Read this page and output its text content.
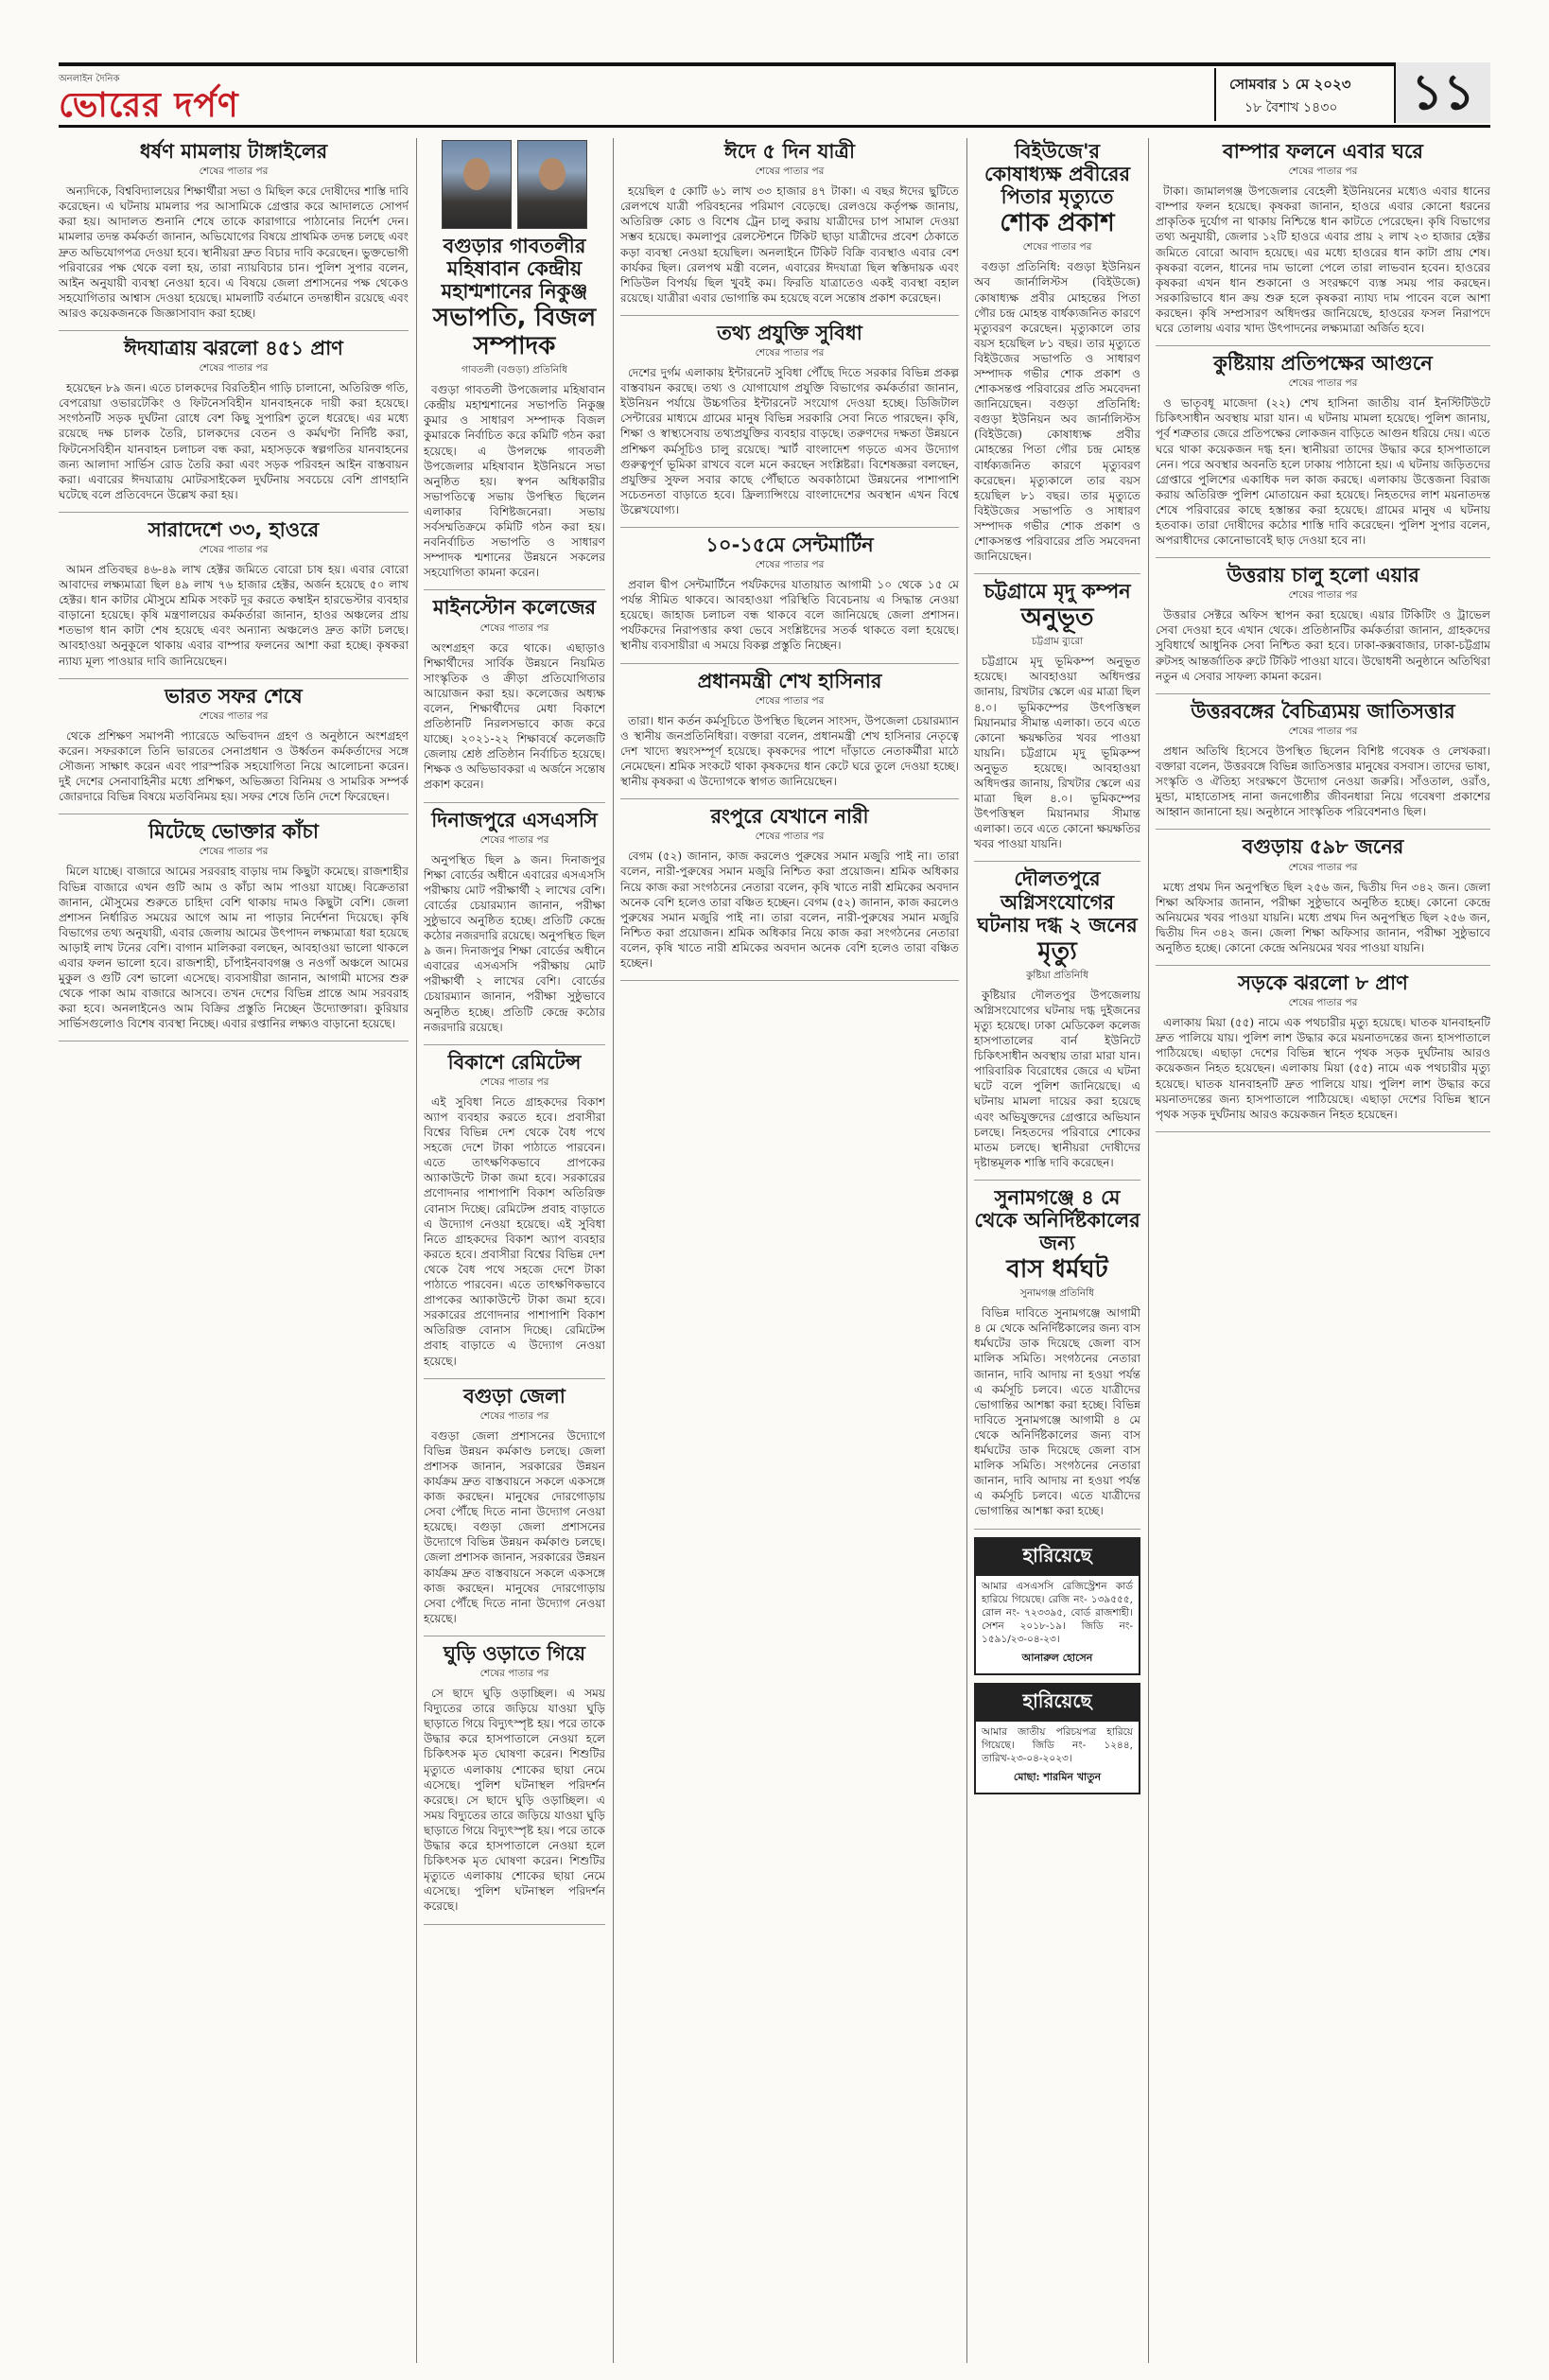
অনলাইন দৈনিক
ভোরের দর্পণ
সোমবার ১ মে ২০২৩
১৮ বৈশাখ ১৪৩০	১১
ধর্ষণ মামলায় টাঙ্গাইলের
শেষের পাতার পর

অন্যদিকে, বিশ্ববিদ্যালয়ের শিক্ষার্থীরা সভা ও মিছিল করে দোষীদের শাস্তি দাবি করেছেন। এ ঘটনায় মামলার পর আসামিকে গ্রেপ্তার করে আদালতে সোপর্দ করা হয়। আদালত শুনানি শেষে তাকে কারাগারে পাঠানোর নির্দেশ দেন। মামলার তদন্ত কর্মকর্তা জানান, অভিযোগের বিষয়ে প্রাথমিক তদন্ত চলছে এবং দ্রুত অভিযোগপত্র দেওয়া হবে। স্থানীয়রা দ্রুত বিচার দাবি করেছেন। ভুক্তভোগী পরিবারের পক্ষ থেকে বলা হয়, তারা ন্যায়বিচার চান। পুলিশ সুপার বলেন, আইন অনুযায়ী ব্যবস্থা নেওয়া হবে। এ বিষয়ে জেলা প্রশাসনের পক্ষ থেকেও সহযোগিতার আশ্বাস দেওয়া হয়েছে। মামলাটি বর্তমানে তদন্তাধীন রয়েছে এবং আরও কয়েকজনকে জিজ্ঞাসাবাদ করা হচ্ছে।

ঈদযাত্রায় ঝরলো ৪৫১ প্রাণ
শেষের পাতার পর

হয়েছেন ৮৯ জন। এতে চালকদের বিরতিহীন গাড়ি চালানো, অতিরিক্ত গতি, বেপরোয়া ওভারটেকিং ও ফিটনেসবিহীন যানবাহনকে দায়ী করা হয়েছে। সংগঠনটি সড়ক দুর্ঘটনা রোধে বেশ কিছু সুপারিশ তুলে ধরেছে। এর মধ্যে রয়েছে দক্ষ চালক তৈরি, চালকদের বেতন ও কর্মঘণ্টা নির্দিষ্ট করা, ফিটনেসবিহীন যানবাহন চলাচল বন্ধ করা, মহাসড়কে স্বল্পগতির যানবাহনের জন্য আলাদা সার্ভিস রোড তৈরি করা এবং সড়ক পরিবহন আইন বাস্তবায়ন করা। এবারের ঈদযাত্রায় মোটরসাইকেল দুর্ঘটনায় সবচেয়ে বেশি প্রাণহানি ঘটেছে বলে প্রতিবেদনে উল্লেখ করা হয়।

সারাদেশে ৩৩, হাওরে
শেষের পাতার পর

আমন প্রতিবছর ৪৬-৪৯ লাখ হেক্টর জমিতে বোরো চাষ হয়। এবার বোরো আবাদের লক্ষ্যমাত্রা ছিল ৪৯ লাখ ৭৬ হাজার হেক্টর, অর্জন হয়েছে ৫০ লাখ হেক্টর। ধান কাটার মৌসুমে শ্রমিক সংকট দূর করতে কম্বাইন হারভেস্টার ব্যবহার বাড়ানো হয়েছে। কৃষি মন্ত্রণালয়ের কর্মকর্তারা জানান, হাওর অঞ্চলের প্রায় শতভাগ ধান কাটা শেষ হয়েছে এবং অন্যান্য অঞ্চলেও দ্রুত কাটা চলছে। আবহাওয়া অনুকূলে থাকায় এবার বাম্পার ফলনের আশা করা হচ্ছে। কৃষকরা ন্যায্য মূল্য পাওয়ার দাবি জানিয়েছেন।

ভারত সফর শেষে
শেষের পাতার পর

থেকে প্রশিক্ষণ সমাপনী প্যারেডে অভিবাদন গ্রহণ ও অনুষ্ঠানে অংশগ্রহণ করেন। সফরকালে তিনি ভারতের সেনাপ্রধান ও উর্ধ্বতন কর্মকর্তাদের সঙ্গে সৌজন্য সাক্ষাৎ করেন এবং পারস্পরিক সহযোগিতা নিয়ে আলোচনা করেন। দুই দেশের সেনাবাহিনীর মধ্যে প্রশিক্ষণ, অভিজ্ঞতা বিনিময় ও সামরিক সম্পর্ক জোরদারে বিভিন্ন বিষয়ে মতবিনিময় হয়। সফর শেষে তিনি দেশে ফিরেছেন।

মিটেছে ভোক্তার কাঁচা
শেষের পাতার পর

মিলে যাচ্ছে। বাজারে আমের সরবরাহ বাড়ায় দাম কিছুটা কমেছে। রাজশাহীর বিভিন্ন বাজারে এখন গুটি আম ও কাঁচা আম পাওয়া যাচ্ছে। বিক্রেতারা জানান, মৌসুমের শুরুতে চাহিদা বেশি থাকায় দামও কিছুটা বেশি। জেলা প্রশাসন নির্ধারিত সময়ের আগে আম না পাড়ার নির্দেশনা দিয়েছে। কৃষি বিভাগের তথ্য অনুযায়ী, এবার জেলায় আমের উৎপাদন লক্ষ্যমাত্রা ধরা হয়েছে আড়াই লাখ টনের বেশি। বাগান মালিকরা বলছেন, আবহাওয়া ভালো থাকলে এবার ফলন ভালো হবে। রাজশাহী, চাঁপাইনবাবগঞ্জ ও নওগাঁ অঞ্চলে আমের মুকুল ও গুটি বেশ ভালো এসেছে। ব্যবসায়ীরা জানান, আগামী মাসের শুরু থেকে পাকা আম বাজারে আসবে। তখন দেশের বিভিন্ন প্রান্তে আম সরবরাহ করা হবে। অনলাইনেও আম বিক্রির প্রস্তুতি নিচ্ছেন উদ্যোক্তারা। কুরিয়ার সার্ভিসগুলোও বিশেষ ব্যবস্থা নিচ্ছে। এবার রপ্তানির লক্ষ্যও বাড়ানো হয়েছে।

বগুড়ার গাবতলীর মহিষাবান কেন্দ্রীয় মহাশ্মশানের নিকুঞ্জ
সভাপতি, বিজল সম্পাদক
গাবতলী (বগুড়া) প্রতিনিধি

বগুড়া গাবতলী উপজেলার মহিষাবান কেন্দ্রীয় মহাশ্মশানের সভাপতি নিকুঞ্জ কুমার ও সাধারণ সম্পাদক বিজল কুমারকে নির্বাচিত করে কমিটি গঠন করা হয়েছে। এ উপলক্ষে গাবতলী উপজেলার মহিষাবান ইউনিয়নে সভা অনুষ্ঠিত হয়। স্বপন অধিকারীর সভাপতিত্বে সভায় উপস্থিত ছিলেন এলাকার বিশিষ্টজনেরা। সভায় সর্বসম্মতিক্রমে কমিটি গঠন করা হয়। নবনির্বাচিত সভাপতি ও সাধারণ সম্পাদক শ্মশানের উন্নয়নে সকলের সহযোগিতা কামনা করেন।

মাইনস্টোন কলেজের
শেষের পাতার পর

অংশগ্রহণ করে থাকে। এছাড়াও শিক্ষার্থীদের সার্বিক উন্নয়নে নিয়মিত সাংস্কৃতিক ও ক্রীড়া প্রতিযোগিতার আয়োজন করা হয়। কলেজের অধ্যক্ষ বলেন, শিক্ষার্থীদের মেধা বিকাশে প্রতিষ্ঠানটি নিরলসভাবে কাজ করে যাচ্ছে। ২০২১-২২ শিক্ষাবর্ষে কলেজটি জেলায় শ্রেষ্ঠ প্রতিষ্ঠান নির্বাচিত হয়েছে। শিক্ষক ও অভিভাবকরা এ অর্জনে সন্তোষ প্রকাশ করেন।

দিনাজপুরে এসএসসি
শেষের পাতার পর

অনুপস্থিত ছিল ৯ জন। দিনাজপুর শিক্ষা বোর্ডের অধীনে এবারের এসএসসি পরীক্ষায় মোট পরীক্ষার্থী ২ লাখের বেশি। বোর্ডের চেয়ারম্যান জানান, পরীক্ষা সুষ্ঠুভাবে অনুষ্ঠিত হচ্ছে। প্রতিটি কেন্দ্রে কঠোর নজরদারি রয়েছে। অনুপস্থিত ছিল ৯ জন। দিনাজপুর শিক্ষা বোর্ডের অধীনে এবারের এসএসসি পরীক্ষায় মোট পরীক্ষার্থী ২ লাখের বেশি। বোর্ডের চেয়ারম্যান জানান, পরীক্ষা সুষ্ঠুভাবে অনুষ্ঠিত হচ্ছে। প্রতিটি কেন্দ্রে কঠোর নজরদারি রয়েছে।

বিকাশে রেমিটেন্স
শেষের পাতার পর

এই সুবিধা নিতে গ্রাহকদের বিকাশ অ্যাপ ব্যবহার করতে হবে। প্রবাসীরা বিশ্বের বিভিন্ন দেশ থেকে বৈধ পথে সহজে দেশে টাকা পাঠাতে পারবেন। এতে তাৎক্ষণিকভাবে প্রাপকের অ্যাকাউন্টে টাকা জমা হবে। সরকারের প্রণোদনার পাশাপাশি বিকাশ অতিরিক্ত বোনাস দিচ্ছে। রেমিটেন্স প্রবাহ বাড়াতে এ উদ্যোগ নেওয়া হয়েছে। এই সুবিধা নিতে গ্রাহকদের বিকাশ অ্যাপ ব্যবহার করতে হবে। প্রবাসীরা বিশ্বের বিভিন্ন দেশ থেকে বৈধ পথে সহজে দেশে টাকা পাঠাতে পারবেন। এতে তাৎক্ষণিকভাবে প্রাপকের অ্যাকাউন্টে টাকা জমা হবে। সরকারের প্রণোদনার পাশাপাশি বিকাশ অতিরিক্ত বোনাস দিচ্ছে। রেমিটেন্স প্রবাহ বাড়াতে এ উদ্যোগ নেওয়া হয়েছে।

বগুড়া জেলা
শেষের পাতার পর

বগুড়া জেলা প্রশাসনের উদ্যোগে বিভিন্ন উন্নয়ন কর্মকাণ্ড চলছে। জেলা প্রশাসক জানান, সরকারের উন্নয়ন কার্যক্রম দ্রুত বাস্তবায়নে সকলে একসঙ্গে কাজ করছেন। মানুষের দোরগোড়ায় সেবা পৌঁছে দিতে নানা উদ্যোগ নেওয়া হয়েছে। বগুড়া জেলা প্রশাসনের উদ্যোগে বিভিন্ন উন্নয়ন কর্মকাণ্ড চলছে। জেলা প্রশাসক জানান, সরকারের উন্নয়ন কার্যক্রম দ্রুত বাস্তবায়নে সকলে একসঙ্গে কাজ করছেন। মানুষের দোরগোড়ায় সেবা পৌঁছে দিতে নানা উদ্যোগ নেওয়া হয়েছে।

ঘুড়ি ওড়াতে গিয়ে
শেষের পাতার পর

সে ছাদে ঘুড়ি ওড়াচ্ছিল। এ সময় বিদ্যুতের তারে জড়িয়ে যাওয়া ঘুড়ি ছাড়াতে গিয়ে বিদ্যুৎস্পৃষ্ট হয়। পরে তাকে উদ্ধার করে হাসপাতালে নেওয়া হলে চিকিৎসক মৃত ঘোষণা করেন। শিশুটির মৃত্যুতে এলাকায় শোকের ছায়া নেমে এসেছে। পুলিশ ঘটনাস্থল পরিদর্শন করেছে। সে ছাদে ঘুড়ি ওড়াচ্ছিল। এ সময় বিদ্যুতের তারে জড়িয়ে যাওয়া ঘুড়ি ছাড়াতে গিয়ে বিদ্যুৎস্পৃষ্ট হয়। পরে তাকে উদ্ধার করে হাসপাতালে নেওয়া হলে চিকিৎসক মৃত ঘোষণা করেন। শিশুটির মৃত্যুতে এলাকায় শোকের ছায়া নেমে এসেছে। পুলিশ ঘটনাস্থল পরিদর্শন করেছে।

ঈদে ৫ দিন যাত্রী
শেষের পাতার পর

হয়েছিল ৫ কোটি ৬১ লাখ ৩৩ হাজার ৪৭ টাকা। এ বছর ঈদের ছুটিতে রেলপথে যাত্রী পরিবহনের পরিমাণ বেড়েছে। রেলওয়ে কর্তৃপক্ষ জানায়, অতিরিক্ত কোচ ও বিশেষ ট্রেন চালু করায় যাত্রীদের চাপ সামাল দেওয়া সম্ভব হয়েছে। কমলাপুর রেলস্টেশনে টিকিট ছাড়া যাত্রীদের প্রবেশ ঠেকাতে কড়া ব্যবস্থা নেওয়া হয়েছিল। অনলাইনে টিকিট বিক্রি ব্যবস্থাও এবার বেশ কার্যকর ছিল। রেলপথ মন্ত্রী বলেন, এবারের ঈদযাত্রা ছিল স্বস্তিদায়ক এবং শিডিউল বিপর্যয় ছিল খুবই কম। ফিরতি যাত্রাতেও একই ব্যবস্থা বহাল রয়েছে। যাত্রীরা এবার ভোগান্তি কম হয়েছে বলে সন্তোষ প্রকাশ করেছেন।

তথ্য প্রযুক্তি সুবিধা
শেষের পাতার পর

দেশের দুর্গম এলাকায় ইন্টারনেট সুবিধা পৌঁছে দিতে সরকার বিভিন্ন প্রকল্প বাস্তবায়ন করছে। তথ্য ও যোগাযোগ প্রযুক্তি বিভাগের কর্মকর্তারা জানান, ইউনিয়ন পর্যায়ে উচ্চগতির ইন্টারনেট সংযোগ দেওয়া হচ্ছে। ডিজিটাল সেন্টারের মাধ্যমে গ্রামের মানুষ বিভিন্ন সরকারি সেবা নিতে পারছেন। কৃষি, শিক্ষা ও স্বাস্থ্যসেবায় তথ্যপ্রযুক্তির ব্যবহার বাড়ছে। তরুণদের দক্ষতা উন্নয়নে প্রশিক্ষণ কর্মসূচিও চালু রয়েছে। স্মার্ট বাংলাদেশ গড়তে এসব উদ্যোগ গুরুত্বপূর্ণ ভূমিকা রাখবে বলে মনে করছেন সংশ্লিষ্টরা। বিশেষজ্ঞরা বলছেন, প্রযুক্তির সুফল সবার কাছে পৌঁছাতে অবকাঠামো উন্নয়নের পাশাপাশি সচেতনতা বাড়াতে হবে। ফ্রিল্যান্সিংয়ে বাংলাদেশের অবস্থান এখন বিশ্বে উল্লেখযোগ্য।

১০-১৫মে সেন্টমার্টিন
শেষের পাতার পর

প্রবাল দ্বীপ সেন্টমার্টিনে পর্যটকদের যাতায়াত আগামী ১০ থেকে ১৫ মে পর্যন্ত সীমিত থাকবে। আবহাওয়া পরিস্থিতি বিবেচনায় এ সিদ্ধান্ত নেওয়া হয়েছে। জাহাজ চলাচল বন্ধ থাকবে বলে জানিয়েছে জেলা প্রশাসন। পর্যটকদের নিরাপত্তার কথা ভেবে সংশ্লিষ্টদের সতর্ক থাকতে বলা হয়েছে। স্থানীয় ব্যবসায়ীরা এ সময়ে বিকল্প প্রস্তুতি নিচ্ছেন।

প্রধানমন্ত্রী শেখ হাসিনার
শেষের পাতার পর

তারা। ধান কর্তন কর্মসূচিতে উপস্থিত ছিলেন সাংসদ, উপজেলা চেয়ারম্যান ও স্থানীয় জনপ্রতিনিধিরা। বক্তারা বলেন, প্রধানমন্ত্রী শেখ হাসিনার নেতৃত্বে দেশ খাদ্যে স্বয়ংসম্পূর্ণ হয়েছে। কৃষকদের পাশে দাঁড়াতে নেতাকর্মীরা মাঠে নেমেছেন। শ্রমিক সংকটে থাকা কৃষকদের ধান কেটে ঘরে তুলে দেওয়া হচ্ছে। স্থানীয় কৃষকরা এ উদ্যোগকে স্বাগত জানিয়েছেন।

রংপুরে যেখানে নারী
শেষের পাতার পর

বেগম (৫২) জানান, কাজ করলেও পুরুষের সমান মজুরি পাই না। তারা বলেন, নারী-পুরুষের সমান মজুরি নিশ্চিত করা প্রয়োজন। শ্রমিক অধিকার নিয়ে কাজ করা সংগঠনের নেতারা বলেন, কৃষি খাতে নারী শ্রমিকের অবদান অনেক বেশি হলেও তারা বঞ্চিত হচ্ছেন। বেগম (৫২) জানান, কাজ করলেও পুরুষের সমান মজুরি পাই না। তারা বলেন, নারী-পুরুষের সমান মজুরি নিশ্চিত করা প্রয়োজন। শ্রমিক অধিকার নিয়ে কাজ করা সংগঠনের নেতারা বলেন, কৃষি খাতে নারী শ্রমিকের অবদান অনেক বেশি হলেও তারা বঞ্চিত হচ্ছেন।

বিইউজে'র কোষাধ্যক্ষ প্রবীরের পিতার মৃত্যুতে
শোক প্রকাশ
শেষের পাতার পর

বগুড়া প্রতিনিধি: বগুড়া ইউনিয়ন অব জার্নালিস্টস (বিইউজে) কোষাধ্যক্ষ প্রবীর মোহন্তের পিতা গৌর চন্দ্র মোহন্ত বার্ধক্যজনিত কারণে মৃত্যুবরণ করেছেন। মৃত্যুকালে তার বয়স হয়েছিল ৮১ বছর। তার মৃত্যুতে বিইউজের সভাপতি ও সাধারণ সম্পাদক গভীর শোক প্রকাশ ও শোকসন্তপ্ত পরিবারের প্রতি সমবেদনা জানিয়েছেন। বগুড়া প্রতিনিধি: বগুড়া ইউনিয়ন অব জার্নালিস্টস (বিইউজে) কোষাধ্যক্ষ প্রবীর মোহন্তের পিতা গৌর চন্দ্র মোহন্ত বার্ধক্যজনিত কারণে মৃত্যুবরণ করেছেন। মৃত্যুকালে তার বয়স হয়েছিল ৮১ বছর। তার মৃত্যুতে বিইউজের সভাপতি ও সাধারণ সম্পাদক গভীর শোক প্রকাশ ও শোকসন্তপ্ত পরিবারের প্রতি সমবেদনা জানিয়েছেন।

চট্টগ্রামে মৃদু কম্পন
অনুভূত
চট্টগ্রাম ব্যুরো

চট্টগ্রামে মৃদু ভূমিকম্প অনুভূত হয়েছে। আবহাওয়া অধিদপ্তর জানায়, রিখটার স্কেলে এর মাত্রা ছিল ৪.০। ভূমিকম্পের উৎপত্তিস্থল মিয়ানমার সীমান্ত এলাকা। তবে এতে কোনো ক্ষয়ক্ষতির খবর পাওয়া যায়নি। চট্টগ্রামে মৃদু ভূমিকম্প অনুভূত হয়েছে। আবহাওয়া অধিদপ্তর জানায়, রিখটার স্কেলে এর মাত্রা ছিল ৪.০। ভূমিকম্পের উৎপত্তিস্থল মিয়ানমার সীমান্ত এলাকা। তবে এতে কোনো ক্ষয়ক্ষতির খবর পাওয়া যায়নি।

দৌলতপুরে অগ্নিসংযোগের ঘটনায় দগ্ধ ২ জনের
মৃত্যু
কুষ্টিয়া প্রতিনিধি

কুষ্টিয়ার দৌলতপুর উপজেলায় অগ্নিসংযোগের ঘটনায় দগ্ধ দুইজনের মৃত্যু হয়েছে। ঢাকা মেডিকেল কলেজ হাসপাতালের বার্ন ইউনিটে চিকিৎসাধীন অবস্থায় তারা মারা যান। পারিবারিক বিরোধের জেরে এ ঘটনা ঘটে বলে পুলিশ জানিয়েছে। এ ঘটনায় মামলা দায়ের করা হয়েছে এবং অভিযুক্তদের গ্রেপ্তারে অভিযান চলছে। নিহতদের পরিবারে শোকের মাতম চলছে। স্থানীয়রা দোষীদের দৃষ্টান্তমূলক শাস্তি দাবি করেছেন।

সুনামগঞ্জে ৪ মে থেকে অনির্দিষ্টকালের জন্য
বাস ধর্মঘট
সুনামগঞ্জ প্রতিনিধি

বিভিন্ন দাবিতে সুনামগঞ্জে আগামী ৪ মে থেকে অনির্দিষ্টকালের জন্য বাস ধর্মঘটের ডাক দিয়েছে জেলা বাস মালিক সমিতি। সংগঠনের নেতারা জানান, দাবি আদায় না হওয়া পর্যন্ত এ কর্মসূচি চলবে। এতে যাত্রীদের ভোগান্তির আশঙ্কা করা হচ্ছে। বিভিন্ন দাবিতে সুনামগঞ্জে আগামী ৪ মে থেকে অনির্দিষ্টকালের জন্য বাস ধর্মঘটের ডাক দিয়েছে জেলা বাস মালিক সমিতি। সংগঠনের নেতারা জানান, দাবি আদায় না হওয়া পর্যন্ত এ কর্মসূচি চলবে। এতে যাত্রীদের ভোগান্তির আশঙ্কা করা হচ্ছে।

হারিয়েছে
আমার এসএসসি রেজিস্ট্রেশন কার্ড হারিয়ে গিয়েছে। রেজি নং- ১৩৯৫৫৫, রোল নং- ৭২৩৩৯৫, বোর্ড রাজশাহী। সেশন ২০১৮-১৯। জিডি নং- ১৫৯১/২৩-০৪-২৩।
আনারুল হোসেন
হারিয়েছে
আমার জাতীয় পরিচয়পত্র হারিয়ে গিয়েছে। জিডি নং- ১২৪৪, তারিখ-২৩-০৪-২০২৩।
মোছা: শারমিন খাতুন
বাম্পার ফলনে এবার ঘরে
শেষের পাতার পর

টাকা। জামালগঞ্জ উপজেলার বেহেলী ইউনিয়নের মধ্যেও এবার ধানের বাম্পার ফলন হয়েছে। কৃষকরা জানান, হাওরে এবার কোনো ধরনের প্রাকৃতিক দুর্যোগ না থাকায় নিশ্চিন্তে ধান কাটতে পেরেছেন। কৃষি বিভাগের তথ্য অনুযায়ী, জেলার ১২টি হাওরে এবার প্রায় ২ লাখ ২৩ হাজার হেক্টর জমিতে বোরো আবাদ হয়েছে। এর মধ্যে হাওরের ধান কাটা প্রায় শেষ। কৃষকরা বলেন, ধানের দাম ভালো পেলে তারা লাভবান হবেন। হাওরের কৃষকরা এখন ধান শুকানো ও সংরক্ষণে ব্যস্ত সময় পার করছেন। সরকারিভাবে ধান ক্রয় শুরু হলে কৃষকরা ন্যায্য দাম পাবেন বলে আশা করছেন। কৃষি সম্প্রসারণ অধিদপ্তর জানিয়েছে, হাওরের ফসল নিরাপদে ঘরে তোলায় এবার খাদ্য উৎপাদনের লক্ষ্যমাত্রা অর্জিত হবে।

কুষ্টিয়ায় প্রতিপক্ষের আগুনে
শেষের পাতার পর

ও ভাতৃবধূ মাজেদা (২২) শেখ হাসিনা জাতীয় বার্ন ইনস্টিটিউটে চিকিৎসাধীন অবস্থায় মারা যান। এ ঘটনায় মামলা হয়েছে। পুলিশ জানায়, পূর্ব শত্রুতার জেরে প্রতিপক্ষের লোকজন বাড়িতে আগুন ধরিয়ে দেয়। এতে ঘরে থাকা কয়েকজন দগ্ধ হন। স্থানীয়রা তাদের উদ্ধার করে হাসপাতালে নেন। পরে অবস্থার অবনতি হলে ঢাকায় পাঠানো হয়। এ ঘটনায় জড়িতদের গ্রেপ্তারে পুলিশের একাধিক দল কাজ করছে। এলাকায় উত্তেজনা বিরাজ করায় অতিরিক্ত পুলিশ মোতায়েন করা হয়েছে। নিহতদের লাশ ময়নাতদন্ত শেষে পরিবারের কাছে হস্তান্তর করা হয়েছে। গ্রামের মানুষ এ ঘটনায় হতবাক। তারা দোষীদের কঠোর শাস্তি দাবি করেছেন। পুলিশ সুপার বলেন, অপরাধীদের কোনোভাবেই ছাড় দেওয়া হবে না।

উত্তরায় চালু হলো এয়ার
শেষের পাতার পর

উত্তরার সেক্টরে অফিস স্থাপন করা হয়েছে। এয়ার টিকিটিং ও ট্রাভেল সেবা দেওয়া হবে এখান থেকে। প্রতিষ্ঠানটির কর্মকর্তারা জানান, গ্রাহকদের সুবিধার্থে আধুনিক সেবা নিশ্চিত করা হবে। ঢাকা-কক্সবাজার, ঢাকা-চট্টগ্রাম রুটসহ আন্তর্জাতিক রুটে টিকিট পাওয়া যাবে। উদ্বোধনী অনুষ্ঠানে অতিথিরা নতুন এ সেবার সাফল্য কামনা করেন।

উত্তরবঙ্গের বৈচিত্র্যময় জাতিসত্তার
শেষের পাতার পর

প্রধান অতিথি হিসেবে উপস্থিত ছিলেন বিশিষ্ট গবেষক ও লেখকরা। বক্তারা বলেন, উত্তরবঙ্গে বিভিন্ন জাতিসত্তার মানুষের বসবাস। তাদের ভাষা, সংস্কৃতি ও ঐতিহ্য সংরক্ষণে উদ্যোগ নেওয়া জরুরি। সাঁওতাল, ওরাঁও, মুন্ডা, মাহাতোসহ নানা জনগোষ্ঠীর জীবনধারা নিয়ে গবেষণা প্রকাশের আহ্বান জানানো হয়। অনুষ্ঠানে সাংস্কৃতিক পরিবেশনাও ছিল।

বগুড়ায় ৫৯৮ জনের
শেষের পাতার পর

মধ্যে প্রথম দিন অনুপস্থিত ছিল ২৫৬ জন, দ্বিতীয় দিন ৩৪২ জন। জেলা শিক্ষা অফিসার জানান, পরীক্ষা সুষ্ঠুভাবে অনুষ্ঠিত হচ্ছে। কোনো কেন্দ্রে অনিয়মের খবর পাওয়া যায়নি। মধ্যে প্রথম দিন অনুপস্থিত ছিল ২৫৬ জন, দ্বিতীয় দিন ৩৪২ জন। জেলা শিক্ষা অফিসার জানান, পরীক্ষা সুষ্ঠুভাবে অনুষ্ঠিত হচ্ছে। কোনো কেন্দ্রে অনিয়মের খবর পাওয়া যায়নি।

সড়কে ঝরলো ৮ প্রাণ
শেষের পাতার পর

এলাকায় মিয়া (৫৫) নামে এক পথচারীর মৃত্যু হয়েছে। ঘাতক যানবাহনটি দ্রুত পালিয়ে যায়। পুলিশ লাশ উদ্ধার করে ময়নাতদন্তের জন্য হাসপাতালে পাঠিয়েছে। এছাড়া দেশের বিভিন্ন স্থানে পৃথক সড়ক দুর্ঘটনায় আরও কয়েকজন নিহত হয়েছেন। এলাকায় মিয়া (৫৫) নামে এক পথচারীর মৃত্যু হয়েছে। ঘাতক যানবাহনটি দ্রুত পালিয়ে যায়। পুলিশ লাশ উদ্ধার করে ময়নাতদন্তের জন্য হাসপাতালে পাঠিয়েছে। এছাড়া দেশের বিভিন্ন স্থানে পৃথক সড়ক দুর্ঘটনায় আরও কয়েকজন নিহত হয়েছেন।
